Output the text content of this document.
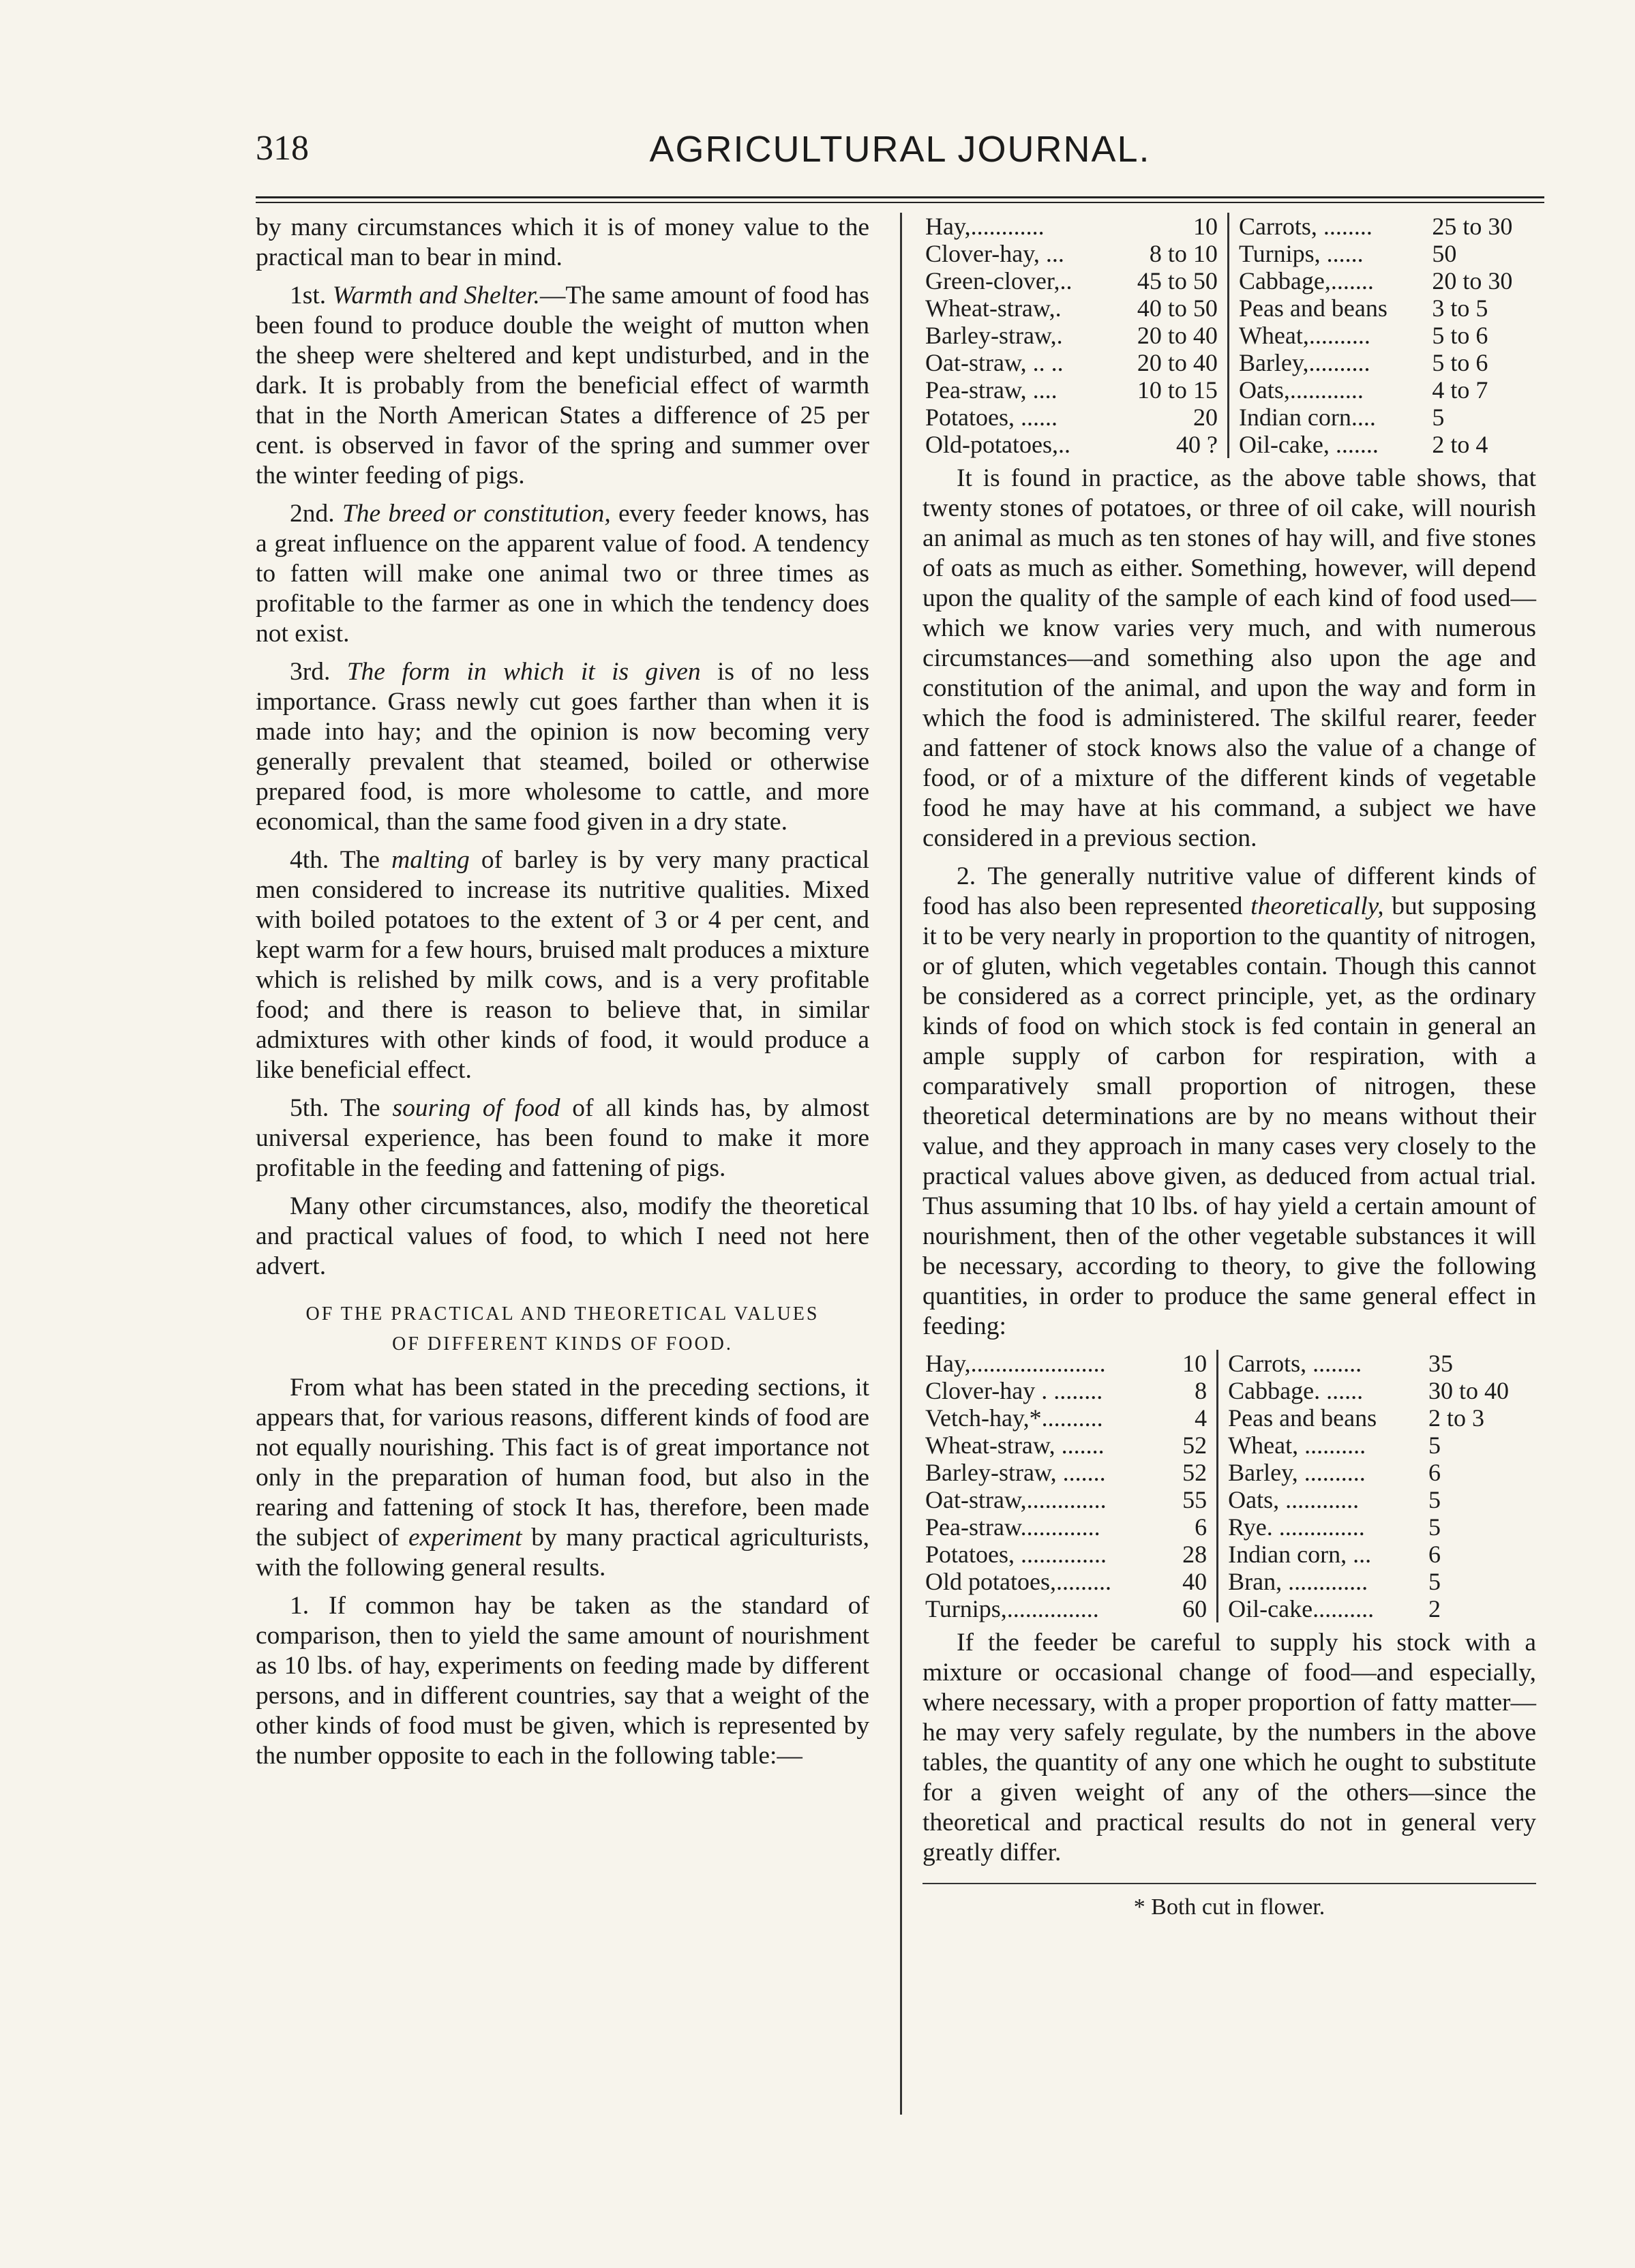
318	AGRICULTURAL JOURNAL.

by many circumstances which it is of money value to the practical man to bear in mind.

1st. Warmth and Shelter.—The same amount of food has been found to produce double the weight of mutton when the sheep were sheltered and kept undisturbed, and in the dark. It is probably from the beneficial effect of warmth that in the North American States a difference of 25 per cent. is observed in favor of the spring and summer over the winter feeding of pigs.

2nd. The breed or constitution, every feeder knows, has a great influence on the apparent value of food. A tendency to fatten will make one animal two or three times as profitable to the farmer as one in which the tendency does not exist.

3rd. The form in which it is given is of no less importance. Grass newly cut goes farther than when it is made into hay; and the opinion is now becoming very generally prevalent that steamed, boiled or otherwise prepared food, is more wholesome to cattle, and more economical, than the same food given in a dry state.

4th. The malting of barley is by very many practical men considered to increase its nutritive qualities. Mixed with boiled potatoes to the extent of 3 or 4 per cent, and kept warm for a few hours, bruised malt produces a mixture which is relished by milk cows, and is a very profitable food; and there is reason to believe that, in similar admixtures with other kinds of food, it would produce a like beneficial effect.

5th. The souring of food of all kinds has, by almost universal experience, has been found to make it more profitable in the feeding and fattening of pigs.

Many other circumstances, also, modify the theoretical and practical values of food, to which I need not here advert.

OF THE PRACTICAL AND THEORETICAL VALUES
OF DIFFERENT KINDS OF FOOD.

From what has been stated in the preceding sections, it appears that, for various reasons, different kinds of food are not equally nourishing. This fact is of great importance not only in the preparation of human food, but also in the rearing and fattening of stock It has, therefore, been made the subject of experiment by many practical agriculturists, with the following general results.

1. If common hay be taken as the standard of comparison, then to yield the same amount of nourishment as 10 lbs. of hay, experiments on feeding made by different persons, and in different countries, say that a weight of the other kinds of food must be given, which is represented by the number opposite to each in the following table:—

Hay,............	10	Carrots, ........	25 to 30
Clover-hay, ...	8 to 10	Turnips, ......	50
Green-clover,..	45 to 50	Cabbage,.......	20 to 30
Wheat-straw,.	40 to 50	Peas and beans	3 to 5
Barley-straw,.	20 to 40	Wheat,..........	5 to 6
Oat-straw, .. ..	20 to 40	Barley,..........	5 to 6
Pea-straw, ....	10 to 15	Oats,............	4 to 7
Potatoes, ......	20	Indian corn....	5
Old-potatoes,..	40 ?	Oil-cake, .......	2 to 4

It is found in practice, as the above table shows, that twenty stones of potatoes, or three of oil cake, will nourish an animal as much as ten stones of hay will, and five stones of oats as much as either. Something, however, will depend upon the quality of the sample of each kind of food used—which we know varies very much, and with numerous circumstances—and something also upon the age and constitution of the animal, and upon the way and form in which the food is administered. The skilful rearer, feeder and fattener of stock knows also the value of a change of food, or of a mixture of the different kinds of vegetable food he may have at his command, a subject we have considered in a previous section.

2. The generally nutritive value of different kinds of food has also been represented theoretically, but supposing it to be very nearly in proportion to the quantity of nitrogen, or of gluten, which vegetables contain. Though this cannot be considered as a correct principle, yet, as the ordinary kinds of food on which stock is fed contain in general an ample supply of carbon for respiration, with a comparatively small proportion of nitrogen, these theoretical determinations are by no means without their value, and they approach in many cases very closely to the practical values above given, as deduced from actual trial. Thus assuming that 10 lbs. of hay yield a certain amount of nourishment, then of the other vegetable substances it will be necessary, according to theory, to give the following quantities, in order to produce the same general effect in feeding:

Hay,......................	10	Carrots, ........	35
Clover-hay . ........	8	Cabbage. ......	30 to 40
Vetch-hay,*..........	4	Peas and beans	2 to 3
Wheat-straw, .......	52	Wheat, ..........	5
Barley-straw, .......	52	Barley, ..........	6
Oat-straw,.............	55	Oats, ............	5
Pea-straw.............	6	Rye. ..............	5
Potatoes, ..............	28	Indian corn, ...	6
Old potatoes,.........	40	Bran, .............	5
Turnips,...............	60	Oil-cake..........	2

If the feeder be careful to supply his stock with a mixture or occasional change of food—and especially, where necessary, with a proper proportion of fatty matter—he may very safely regulate, by the numbers in the above tables, the quantity of any one which he ought to substitute for a given weight of any of the others—since the theoretical and practical results do not in general very greatly differ.

* Both cut in flower.
